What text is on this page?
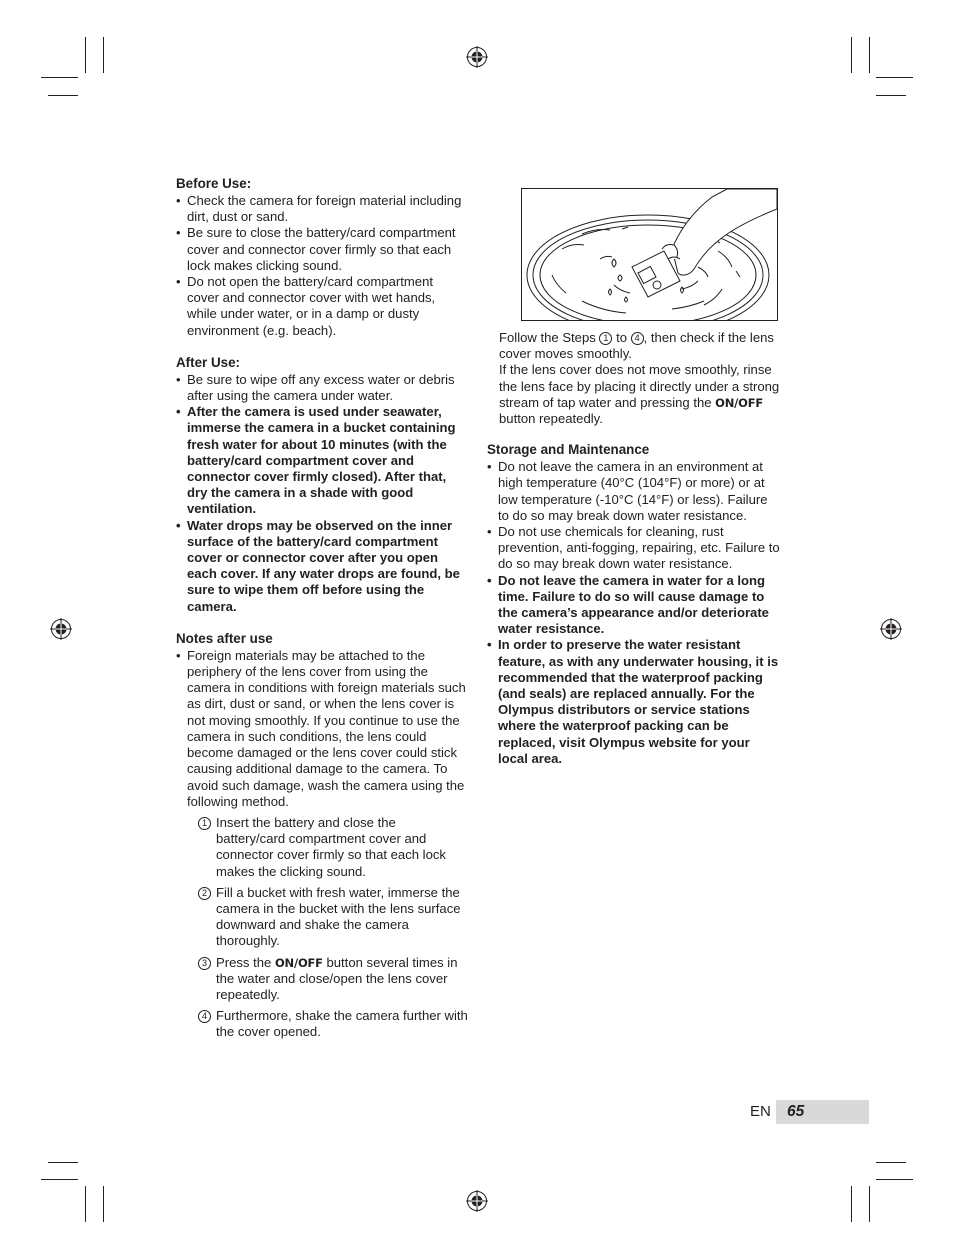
Before Use:
• Check the camera for foreign material including dirt, dust or sand.
• Be sure to close the battery/card compartment cover and connector cover firmly so that each lock makes clicking sound.
• Do not open the battery/card compartment cover and connector cover with wet hands, while under water, or in a damp or dusty environment (e.g. beach).
After Use:
• Be sure to wipe off any excess water or debris after using the camera under water.
• After the camera is used under seawater, immerse the camera in a bucket containing fresh water for about 10 minutes (with the battery/card compartment cover and connector cover firmly closed). After that, dry the camera in a shade with good ventilation.
• Water drops may be observed on the inner surface of the battery/card compartment cover or connector cover after you open each cover. If any water drops are found, be sure to wipe them off before using the camera.
Notes after use
• Foreign materials may be attached to the periphery of the lens cover from using the camera in conditions with foreign materials such as dirt, dust or sand, or when the lens cover is not moving smoothly. If you continue to use the camera in such conditions, the lens could become damaged or the lens cover could stick causing additional damage to the camera. To avoid such damage, wash the camera using the following method.
1 Insert the battery and close the battery/card compartment cover and connector cover firmly so that each lock makes the clicking sound.
2 Fill a bucket with fresh water, immerse the camera in the bucket with the lens surface downward and shake the camera thoroughly.
3 Press the ON/OFF button several times in the water and close/open the lens cover repeatedly.
4 Furthermore, shake the camera further with the cover opened.
Follow the Steps 1 to 4 , then check if the lens cover moves smoothly.
If the lens cover does not move smoothly, rinse the lens face by placing it directly under a strong stream of tap water and pressing the ON/OFF button repeatedly.
Storage and Maintenance
• Do not leave the camera in an environment at high temperature (40°C (104°F) or more) or at low temperature (-10°C (14°F) or less). Failure to do so may break down water resistance.
• Do not use chemicals for cleaning, rust prevention, anti-fogging, repairing, etc. Failure to do so may break down water resistance.
• Do not leave the camera in water for a long time. Failure to do so will cause damage to the camera’s appearance and/or deteriorate water resistance.
• In order to preserve the water resistant feature, as with any underwater housing, it is recommended that the waterproof packing (and seals) are replaced annually. For the Olympus distributors or service stations where the waterproof packing can be replaced, visit Olympus website for your local area.
EN 65
